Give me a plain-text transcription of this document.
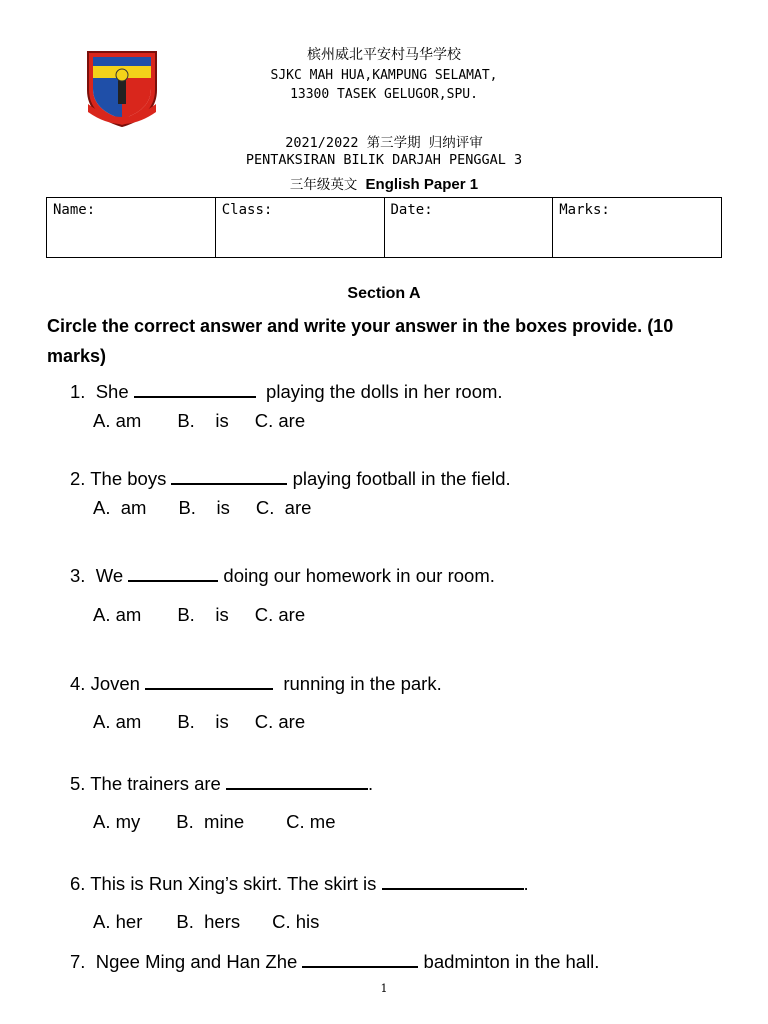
槟州威北平安村马华学校
SJKC MAH HUA,KAMPUNG SELAMAT,
13300 TASEK GELUGOR,SPU.
2021/2022 第三学期 归纳评审
PENTAKSIRAN BILIK DARJAH PENGGAL 3
三年级英文 English Paper 1
Name:	Class:	Date:	Marks:
Section A
Circle the correct answer and write your answer in the boxes provide. (10 marks)
1.  She	playing the dolls in her room.
A. am B.    is C. are
2. The boys	playing football in the field.
A.  am B.    is C.  are
3.  We	doing our homework in our room.
A. am B.    is C. are
4. Joven	running in the park.
A. am B.    is C. are
5. The trainers are	.
A. my B.  mine C. me
6. This is Run Xing’s skirt. The skirt is	.
A. her B.  hers C. his
7.  Ngee Ming and Han Zhe	badminton in the hall.
1
